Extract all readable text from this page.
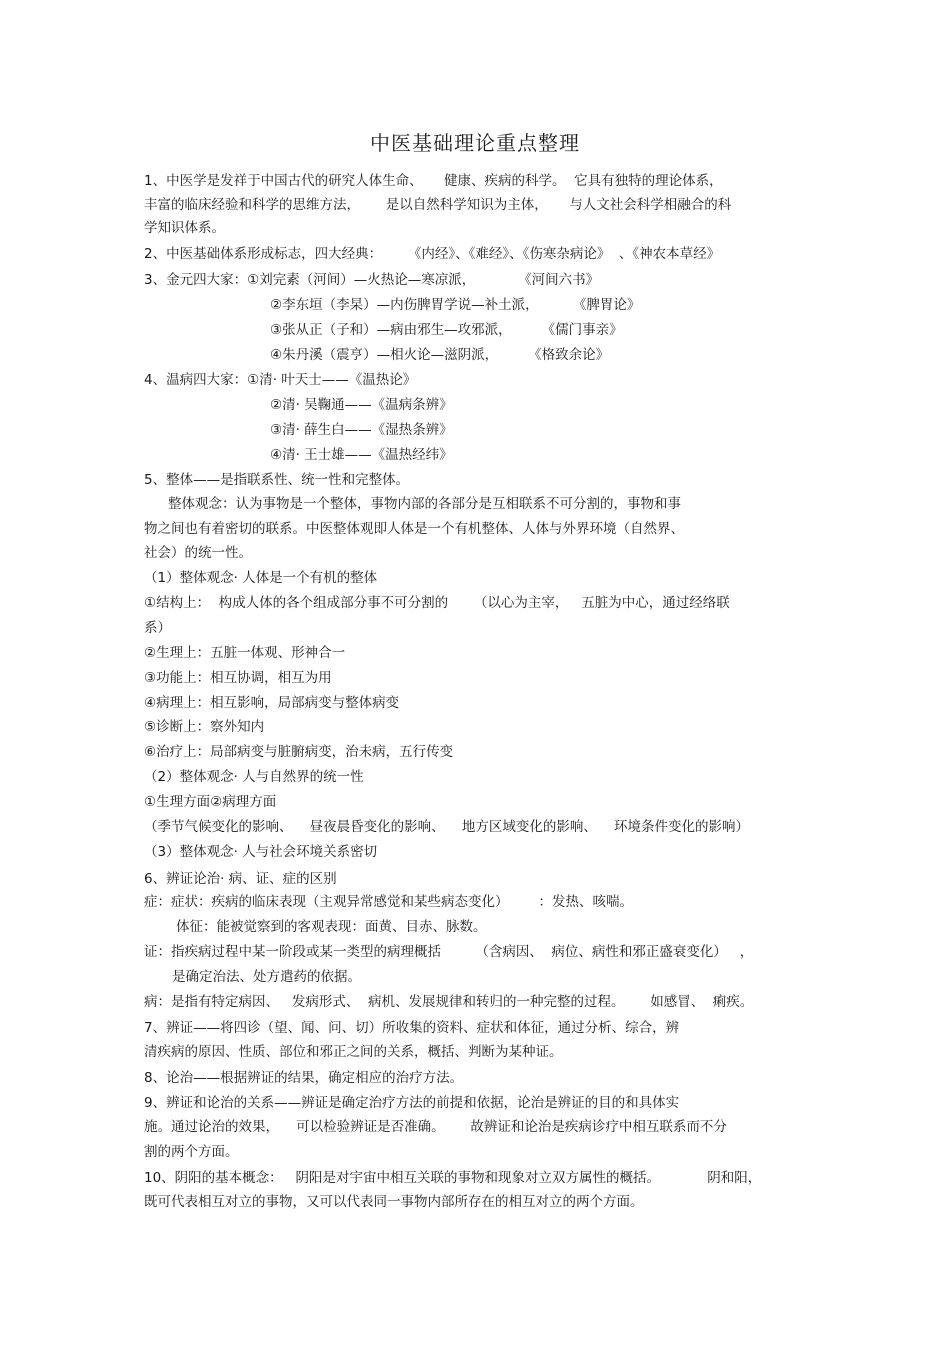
中医基础理论重点整理
1、中医学是发祥于中国古代的研究人体生命、     健康、疾病的科学。  它具有独特的理论体系，
丰富的临床经验和科学的思维方法，      是以自然科学知识为主体，     与人文社会科学相融合的科
学知识体系。
2、中医基础体系形成标志，四大经典：      《内经》、《难经》、《伤寒杂病论》  、《神农本草经》
3、金元四大家：①刘完素（河间）—火热论—寒凉派，          《河间六书》
②李东垣（李杲）—内伤脾胃学说—补土派，        《脾胃论》
③张从正（子和）—病由邪生—攻邪派，       《儒门事亲》
④朱丹溪（震亨）—相火论—滋阴派，       《格致余论》
4、温病四大家：①清· 叶天士——《温热论》
②清· 吴鞠通——《温病条辨》
③清· 薛生白——《湿热条辨》
④清· 王士雄——《温热经纬》
5、整体——是指联系性、统一性和完整体。
整体观念：认为事物是一个整体，事物内部的各部分是互相联系不可分割的，事物和事
物之间也有着密切的联系。中医整体观即人体是一个有机整体、人体与外界环境（自然界、
社会）的统一性。
（1）整体观念· 人体是一个有机的整体
①结构上：  构成人体的各个组成部分事不可分割的      （以心为主宰，   五脏为中心，通过经络联
系）
②生理上：五脏一体观、形神合一
③功能上：相互协调，相互为用
④病理上：相互影响，局部病变与整体病变
⑤诊断上：察外知内
⑥治疗上：局部病变与脏腑病变，治未病，五行传变
（2）整体观念· 人与自然界的统一性
①生理方面②病理方面
（季节气候变化的影响、    昼夜晨昏变化的影响、    地方区域变化的影响、    环境条件变化的影响）
（3）整体观念· 人与社会环境关系密切
6、辨证论治· 病、证、症的区别
症：症状：疾病的临床表现（主观异常感觉和某些病态变化）       ：发热、咳喘。
体征：能被觉察到的客观表现：面黄、目赤、脉数。
证：指疾病过程中某一阶段或某一类型的病理概括        （含病因、  病位、病性和邪正盛衰变化）   ，
是确定治法、处方遣药的依据。
病：是指有特定病因、   发病形式、  病机、发展规律和转归的一种完整的过程。      如感冒、  痢疾。
7、辨证——将四诊（望、闻、问、切）所收集的资料、症状和体征，通过分析、综合，辨
清疾病的原因、性质、部位和邪正之间的关系，概括、判断为某种证。
8、论治——根据辨证的结果，确定相应的治疗方法。
9、辨证和论治的关系——辨证是确定治疗方法的前提和依据，论治是辨证的目的和具体实
施。通过论治的效果，    可以检验辨证是否准确。      故辨证和论治是疾病诊疗中相互联系而不分
割的两个方面。
10、阴阳的基本概念：   阴阳是对宇宙中相互关联的事物和现象对立双方属性的概括。           阴和阳，
既可代表相互对立的事物，又可以代表同一事物内部所存在的相互对立的两个方面。
